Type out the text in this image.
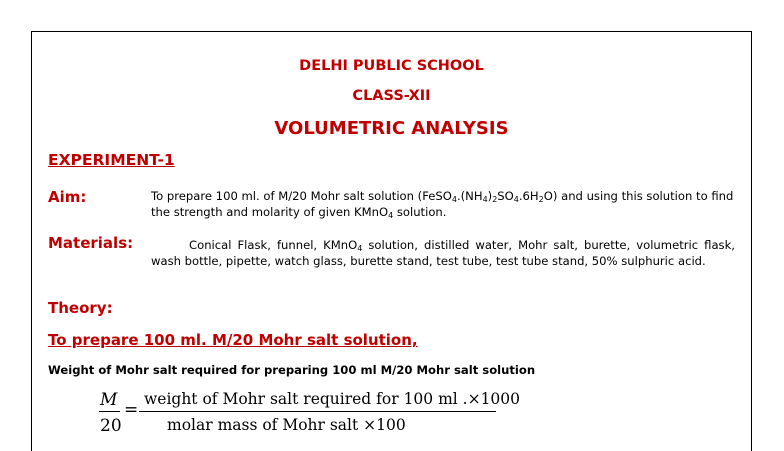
DELHI PUBLIC SCHOOL
CLASS-XII
VOLUMETRIC ANALYSIS
EXPERIMENT-1
Aim:	To prepare 100 ml. of M/20 Mohr salt solution $(FeSO_4.(NH_4)_2SO_4.6H_2O)$ and using this solution to find the strength and molarity of given KMnO$_4$ solution.
Materials:	Conical Flask, funnel, KMnO$_4$ solution, distilled water, Mohr salt, burette, volumetric flask, wash bottle, pipette, watch glass, burette stand, test tube, test tube stand, 50% sulphuric acid.
Theory:
To prepare 100 ml. M/20 Mohr salt solution,
Weight of Mohr salt required for preparing 100 ml M/20 Mohr salt solution
M
20
=
weight of Mohr salt required for 100 ml .×1000
molar mass of Mohr salt ×100
